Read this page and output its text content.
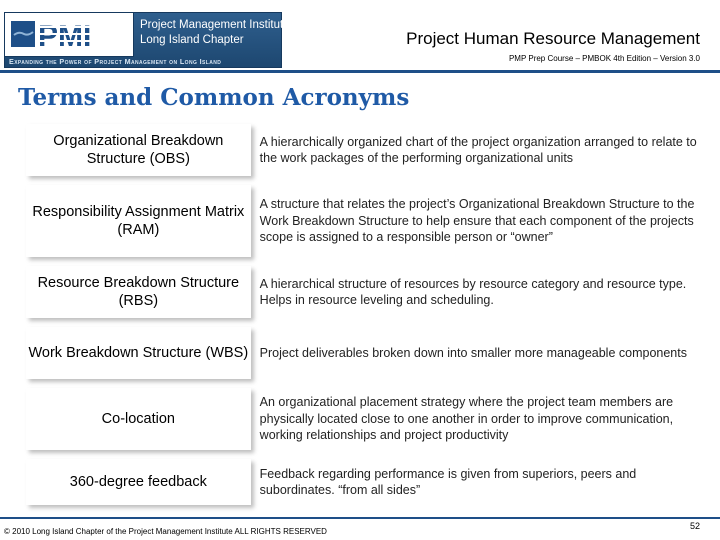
PMI	Project Management Institute
Long Island Chapter
Expanding the Power of Project Management on Long Island
Project Human Resource Management
PMP Prep Course – PMBOK 4th Edition – Version 3.0
Terms and Common Acronyms
Organizational Breakdown Structure (OBS)
A hierarchically organized chart of the project organization arranged to relate to the work packages of the performing organizational units
Responsibility Assignment Matrix (RAM)
A structure that relates the project’s Organizational Breakdown Structure to the Work Breakdown Structure to help ensure that each component of the projects scope is assigned to a responsible person or “owner”
Resource Breakdown Structure (RBS)
A hierarchical structure of resources by resource category and resource type. Helps in resource leveling and scheduling.
Work Breakdown Structure (WBS) Project deliverables broken down into smaller more manageable components
Co-location
An organizational placement strategy where the project team members are physically located close to one another in order to improve communication, working relationships and project productivity
360-degree feedback
Feedback regarding performance is given from superiors, peers and subordinates. “from all sides”
© 2010 Long Island Chapter of the Project Management Institute ALL RIGHTS RESERVED
52
